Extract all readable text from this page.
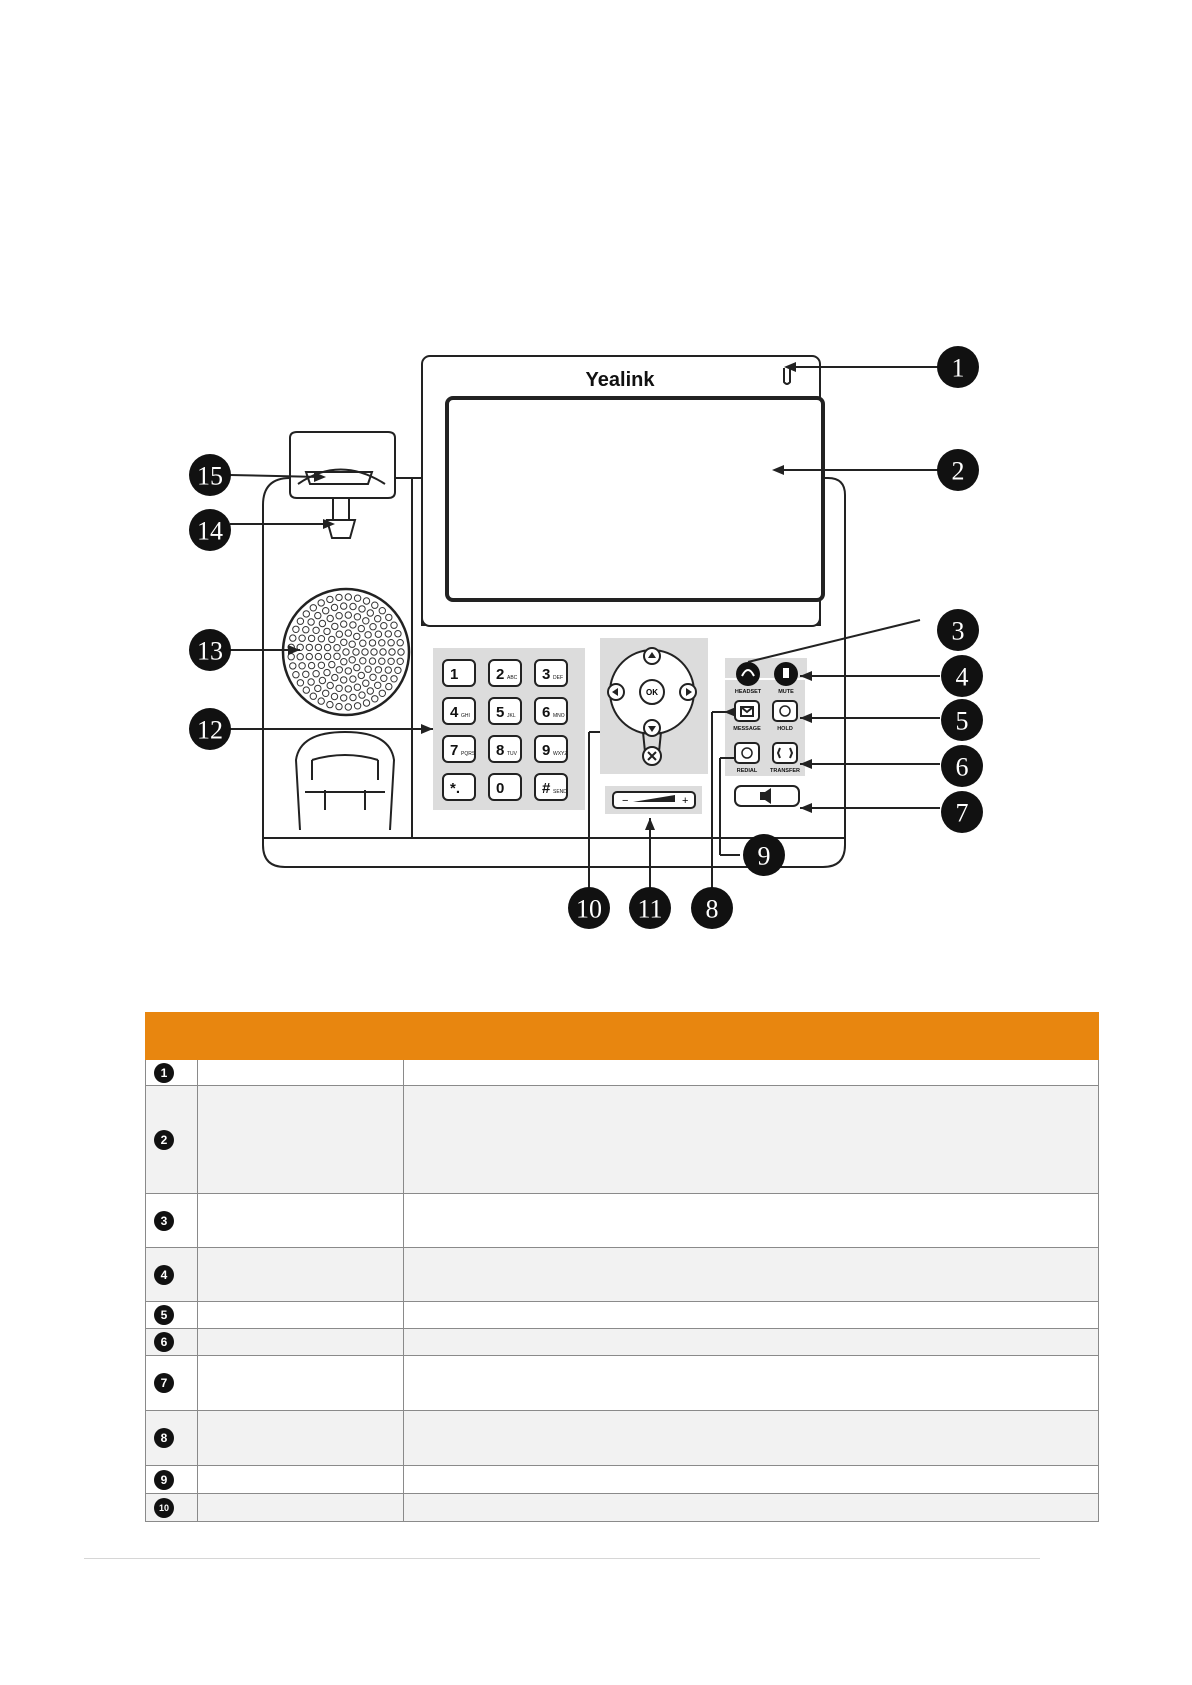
Yealink
1	2 ABC 3 DEF
4 GHI 5 JKL 6 MNO
7 PQRS 8 TUV 9 WXYZ
*. 0	# SEND
OK
−	+
HEADSET	MUTE
MESSAGE	HOLD
REDIAL TRANSFER
1
2
3
4
5
6
7
8
9
10 11
12
13
14
15

1		
2		
3		
4		
5		
6		
7		
8		
9		
10		
